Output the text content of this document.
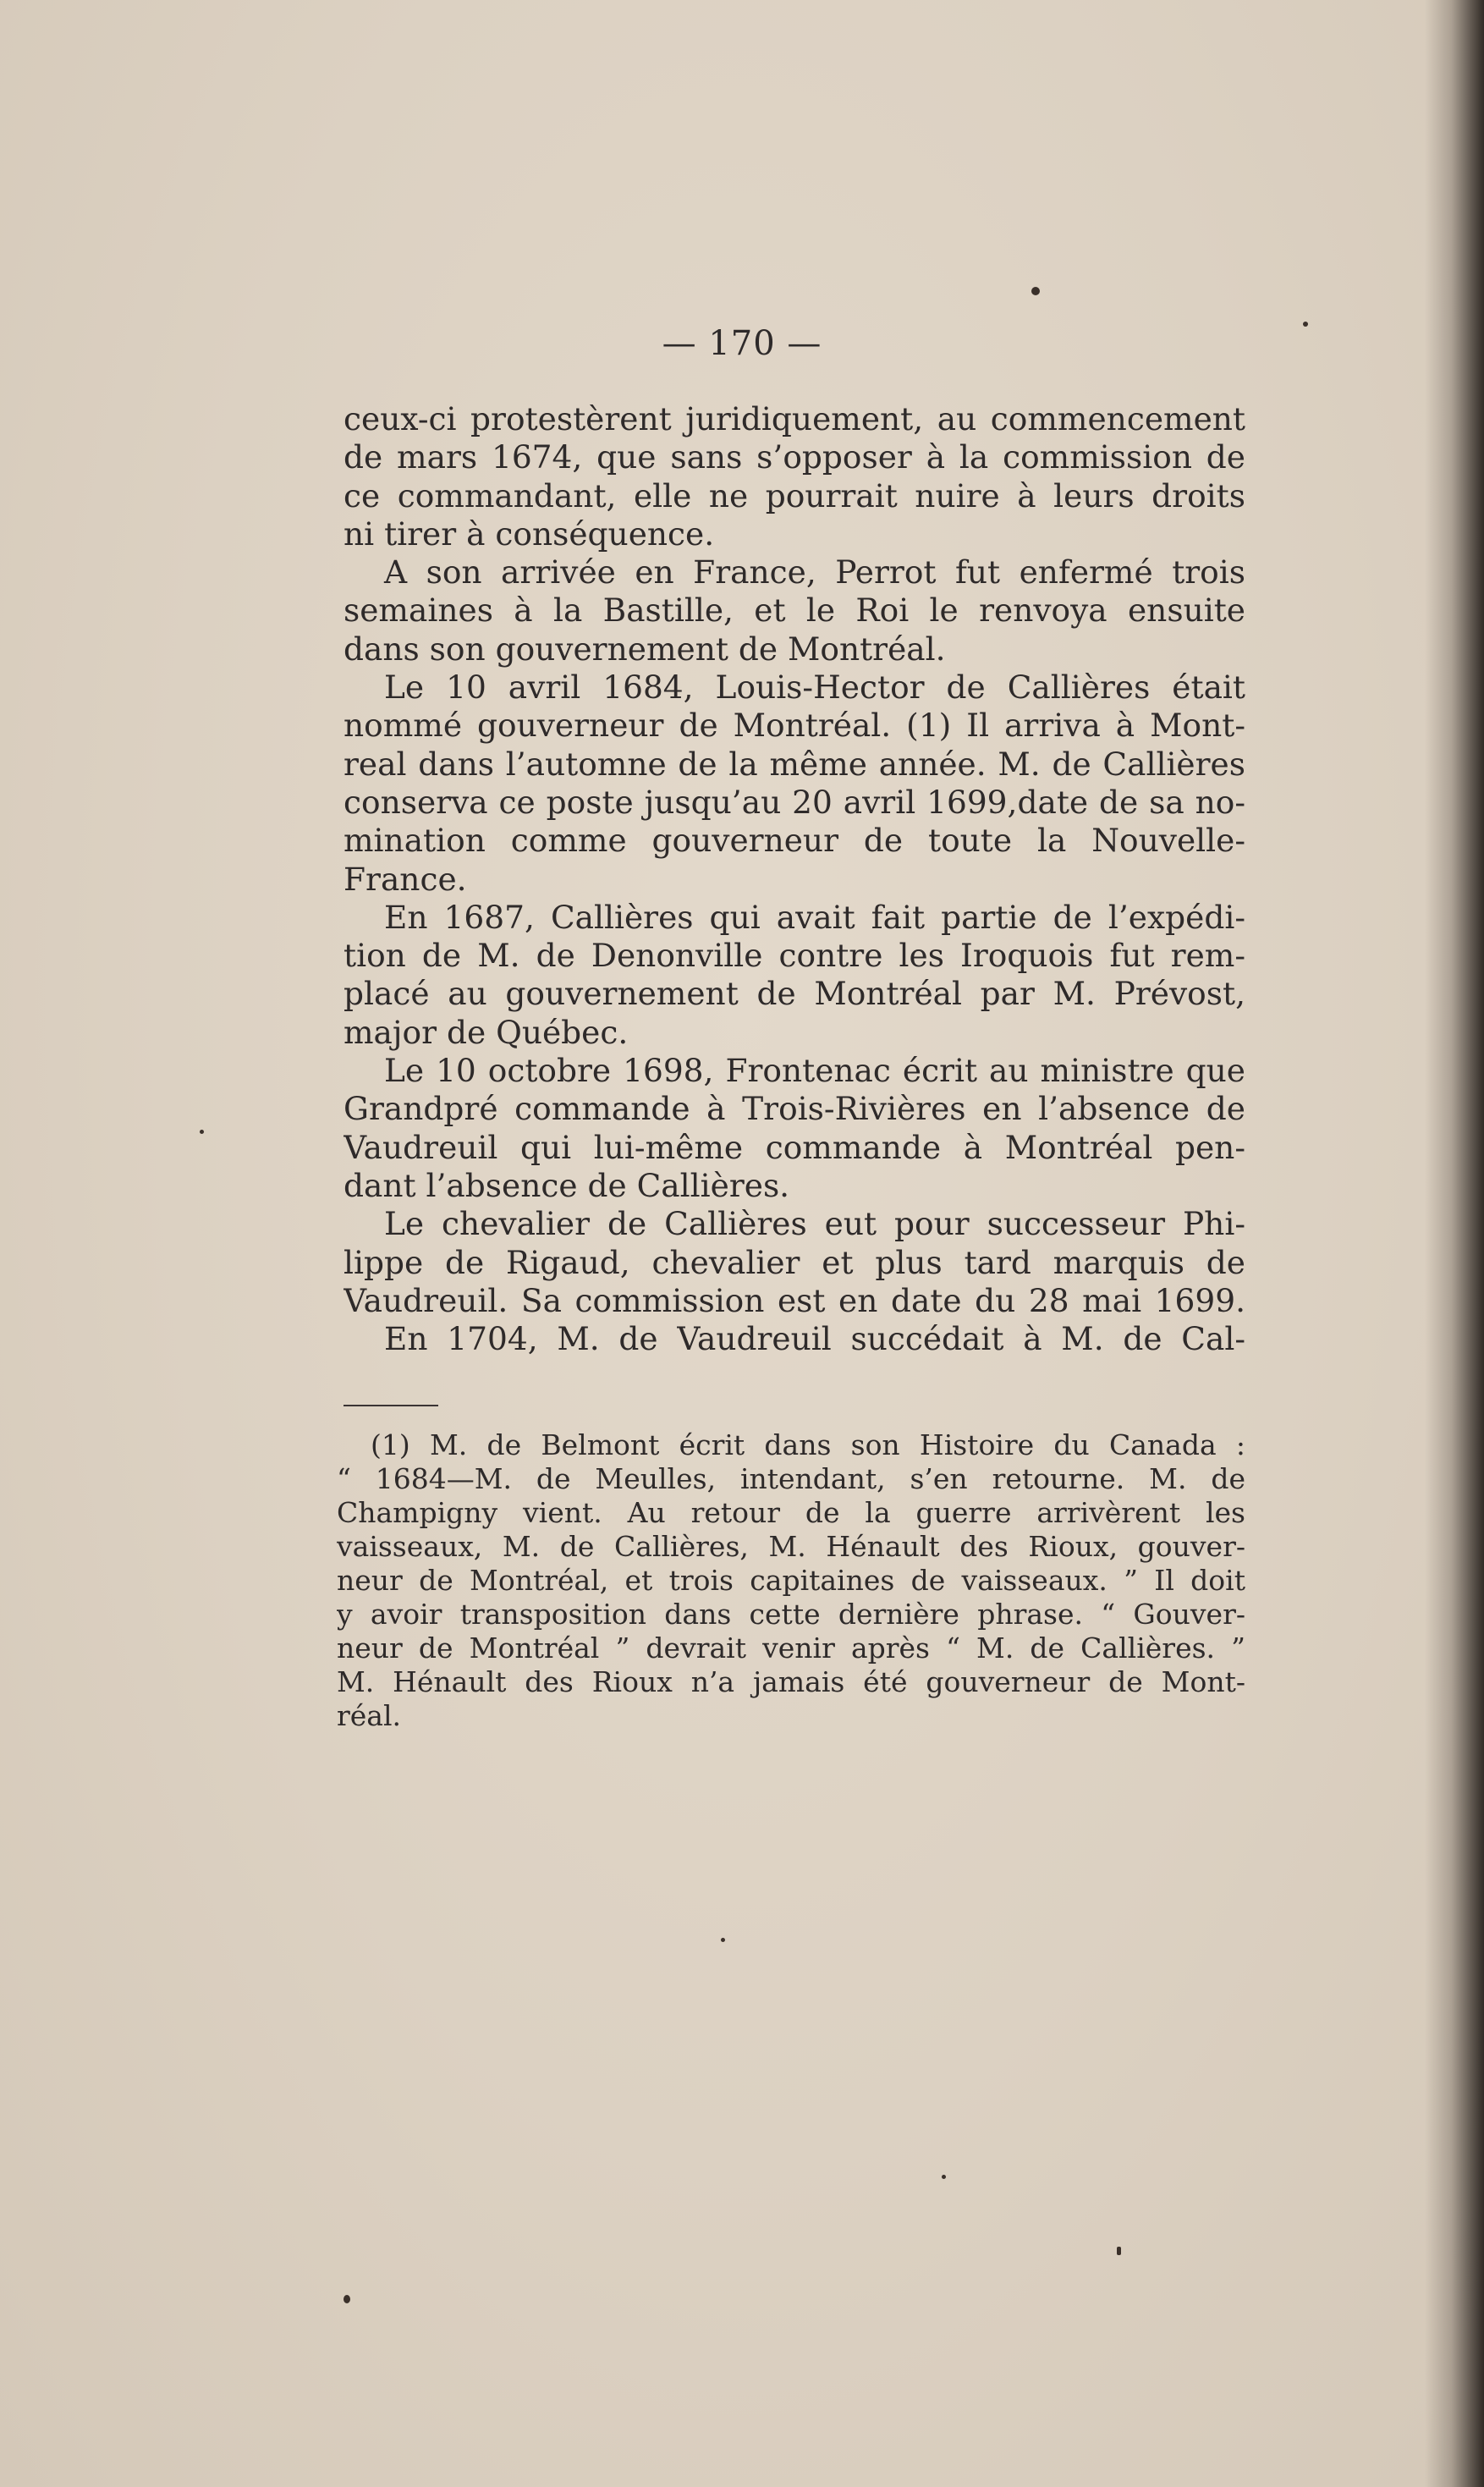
— 170 —
ceux-ci protestèrent juridiquement, au commencement
de mars 1674, que sans s’opposer à la commission de
ce commandant, elle ne pourrait nuire à leurs droits
ni tirer à conséquence.
A son arrivée en France, Perrot fut enfermé trois
semaines à la Bastille, et le Roi le renvoya ensuite
dans son gouvernement de Montréal.
Le 10 avril 1684, Louis-Hector de Callières était
nommé gouverneur de Montréal. (1) Il arriva à Mont-
real dans l’automne de la même année. M. de Callières
conserva ce poste jusqu’au 20 avril 1699,date de sa no-
mination comme gouverneur de toute la Nouvelle-
France.
En 1687, Callières qui avait fait partie de l’expédi-
tion de M. de Denonville contre les Iroquois fut rem-
placé au gouvernement de Montréal par M. Prévost,
major de Québec.
Le 10 octobre 1698, Frontenac écrit au ministre que
Grandpré commande à Trois-Rivières en l’absence de
Vaudreuil qui lui-même commande à Montréal pen-
dant l’absence de Callières.
Le chevalier de Callières eut pour successeur Phi-
lippe de Rigaud, chevalier et plus tard marquis de
Vaudreuil. Sa commission est en date du 28 mai 1699.
En 1704, M. de Vaudreuil succédait à M. de Cal-
(1) M. de Belmont écrit dans son Histoire du Canada :
“ 1684—M. de Meulles, intendant, s’en retourne. M. de
Champigny vient. Au retour de la guerre arrivèrent les
vaisseaux, M. de Callières, M. Hénault des Rioux, gouver-
neur de Montréal, et trois capitaines de vaisseaux. ” Il doit
y avoir transposition dans cette dernière phrase. “ Gouver-
neur de Montréal ” devrait venir après “ M. de Callières. ”
M. Hénault des Rioux n’a jamais été gouverneur de Mont-
réal.
